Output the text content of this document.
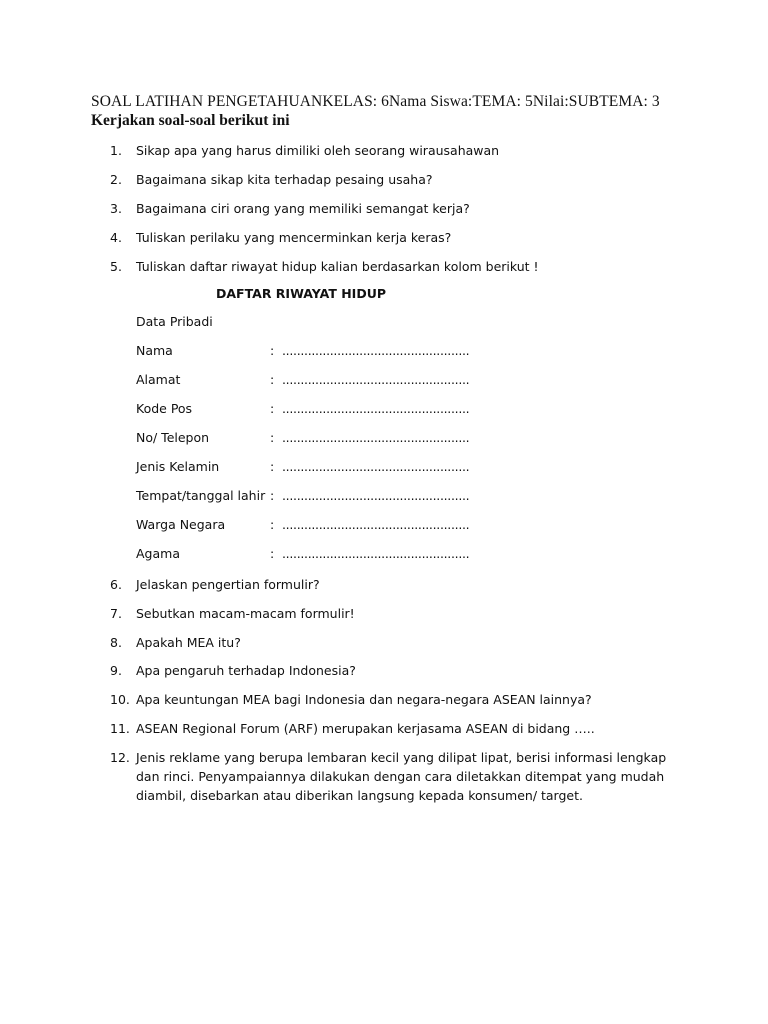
SOAL LATIHAN PENGETAHUANKELAS: 6Nama Siswa:TEMA: 5Nilai:SUBTEMA: 3
Kerjakan soal-soal berikut ini
1.	Sikap apa yang harus dimiliki oleh seorang wirausahawan
2.	Bagaimana sikap kita terhadap pesaing usaha?
3.	Bagaimana ciri orang yang memiliki semangat kerja?
4.	Tuliskan perilaku yang mencerminkan kerja keras?
5.	Tuliskan daftar riwayat hidup kalian berdasarkan kolom berikut !
DAFTAR RIWAYAT HIDUP
Data Pribadi
Nama	: ...................................................
Alamat	: ...................................................
Kode Pos	: ...................................................
No/ Telepon	: ...................................................
Jenis Kelamin	: ...................................................
Tempat/tanggal lahir : ...................................................
Warga Negara	: ...................................................
Agama	: ...................................................
6.	Jelaskan pengertian formulir?
7.	Sebutkan macam-macam formulir!
8.	Apakah MEA itu?
9.	Apa pengaruh terhadap Indonesia?
10. Apa keuntungan MEA bagi Indonesia dan negara-negara ASEAN lainnya?
11. ASEAN Regional Forum (ARF) merupakan kerjasama ASEAN di bidang …..
12. Jenis reklame yang berupa lembaran kecil yang dilipat lipat, berisi informasi lengkap dan rinci. Penyampaiannya dilakukan dengan cara diletakkan ditempat yang mudah diambil, disebarkan atau diberikan langsung kepada konsumen/ target.
